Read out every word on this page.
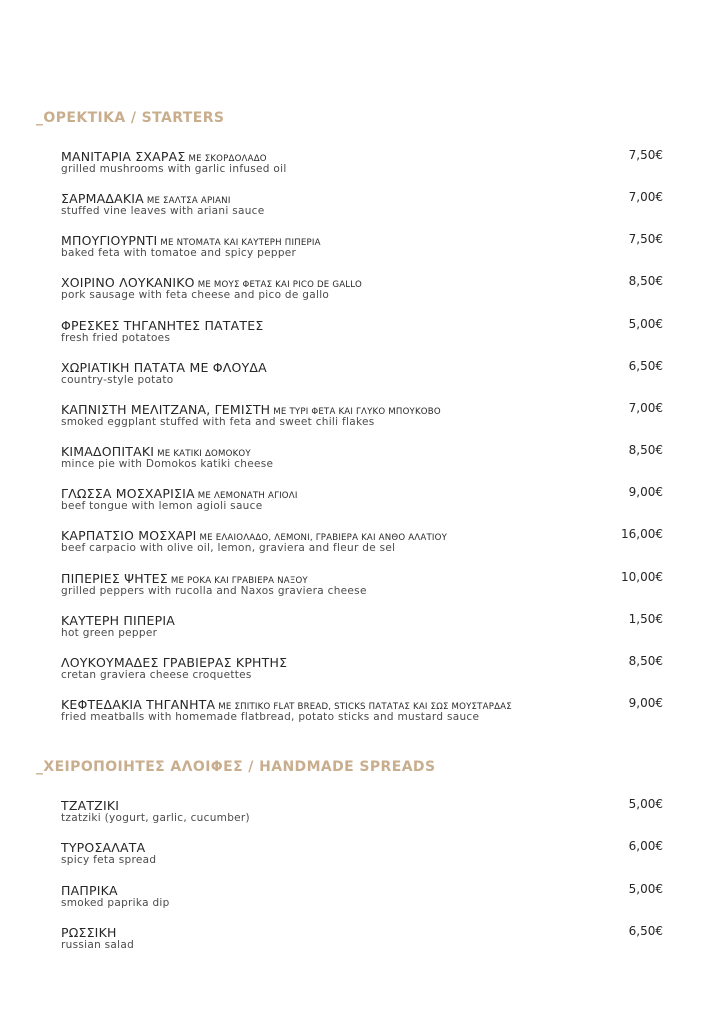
_ΟΡΕΚΤΙΚΑ / STARTERS
ΜΑΝΙΤΑΡΙΑ ΣΧΑΡΑΣ ΜΕ ΣΚΟΡΔΟΛΑΔΟ
grilled mushrooms with garlic infused oil
7,50€
ΣΑΡΜΑΔΑΚΙΑ ΜΕ ΣΑΛΤΣΑ ΑΡΙΑΝΙ
stuffed vine leaves with ariani sauce
7,00€
ΜΠΟΥΓΙΟΥΡΝΤΙ ΜΕ ΝΤΟΜΑΤΑ ΚΑΙ ΚΑΥΤΕΡΗ ΠΙΠΕΡΙΑ
baked feta with tomatoe and spicy pepper
7,50€
ΧΟΙΡΙΝΟ ΛΟΥΚΑΝΙΚΟ ΜΕ ΜΟΥΣ ΦΕΤΑΣ ΚΑΙ PICO DE GALLO
pork sausage with feta cheese and pico de gallo
8,50€
ΦΡΕΣΚΕΣ ΤΗΓΑΝΗΤΕΣ ΠΑΤΑΤΕΣ
fresh fried potatoes
5,00€
ΧΩΡΙΑΤΙΚΗ ΠΑΤΑΤΑ ΜΕ ΦΛΟΥΔΑ
country-style potato
6,50€
ΚΑΠΝΙΣΤΗ ΜΕΛΙΤΖΑΝΑ, ΓΕΜΙΣΤΗ ΜΕ ΤΥΡΙ ΦΕΤΑ ΚΑΙ ΓΛΥΚΟ ΜΠΟΥΚΟΒΟ
smoked eggplant stuffed with feta and sweet chili flakes
7,00€
ΚΙΜΑΔΟΠΙΤΑΚΙ ΜΕ ΚΑΤΙΚΙ ΔΟΜΟΚΟΥ
mince pie with Domokos katiki cheese
8,50€
ΓΛΩΣΣΑ ΜΟΣΧΑΡΙΣΙΑ ΜΕ ΛΕΜΟΝΑΤΗ ΑΓΙΟΛΙ
beef tongue with lemon agioli sauce
9,00€
ΚΑΡΠΑΤΣΙΟ ΜΟΣΧΑΡΙ ΜΕ ΕΛΑΙΟΛΑΔΟ, ΛΕΜΟΝΙ, ΓΡΑΒΙΕΡΑ ΚΑΙ ΑΝΘΟ ΑΛΑΤΙΟΥ
beef carpacio with olive oil, lemon, graviera and fleur de sel
16,00€
ΠΙΠΕΡΙΕΣ ΨΗΤΕΣ ΜΕ ΡΟΚΑ ΚΑΙ ΓΡΑΒΙΕΡΑ ΝΑΞΟΥ
grilled peppers with rucolla and Naxos graviera cheese
10,00€
ΚΑΥΤΕΡΗ ΠΙΠΕΡΙΑ
hot green pepper
1,50€
ΛΟΥΚΟΥΜΑΔΕΣ ΓΡΑΒΙΕΡΑΣ ΚΡΗΤΗΣ
cretan graviera cheese croquettes
8,50€
ΚΕΦΤΕΔΑΚΙΑ ΤΗΓΑΝΗΤΑ ΜΕ ΣΠΙΤΙΚΟ FLAT BREAD, STICKS ΠΑΤΑΤΑΣ ΚΑΙ ΣΩΣ ΜΟΥΣΤΑΡΔΑΣ
fried meatballs with homemade flatbread, potato sticks and mustard sauce
9,00€
_ΧΕΙΡΟΠΟΙΗΤΕΣ ΑΛΟΙΦΕΣ / HANDMADE SPREADS
ΤΖΑΤΖΙΚΙ
tzatziki (yogurt, garlic, cucumber)
5,00€
ΤΥΡΟΣΑΛΑΤΑ
spicy feta spread
6,00€
ΠΑΠΡΙΚΑ
smoked paprika dip
5,00€
ΡΩΣΣΙΚΗ
russian salad
6,50€
